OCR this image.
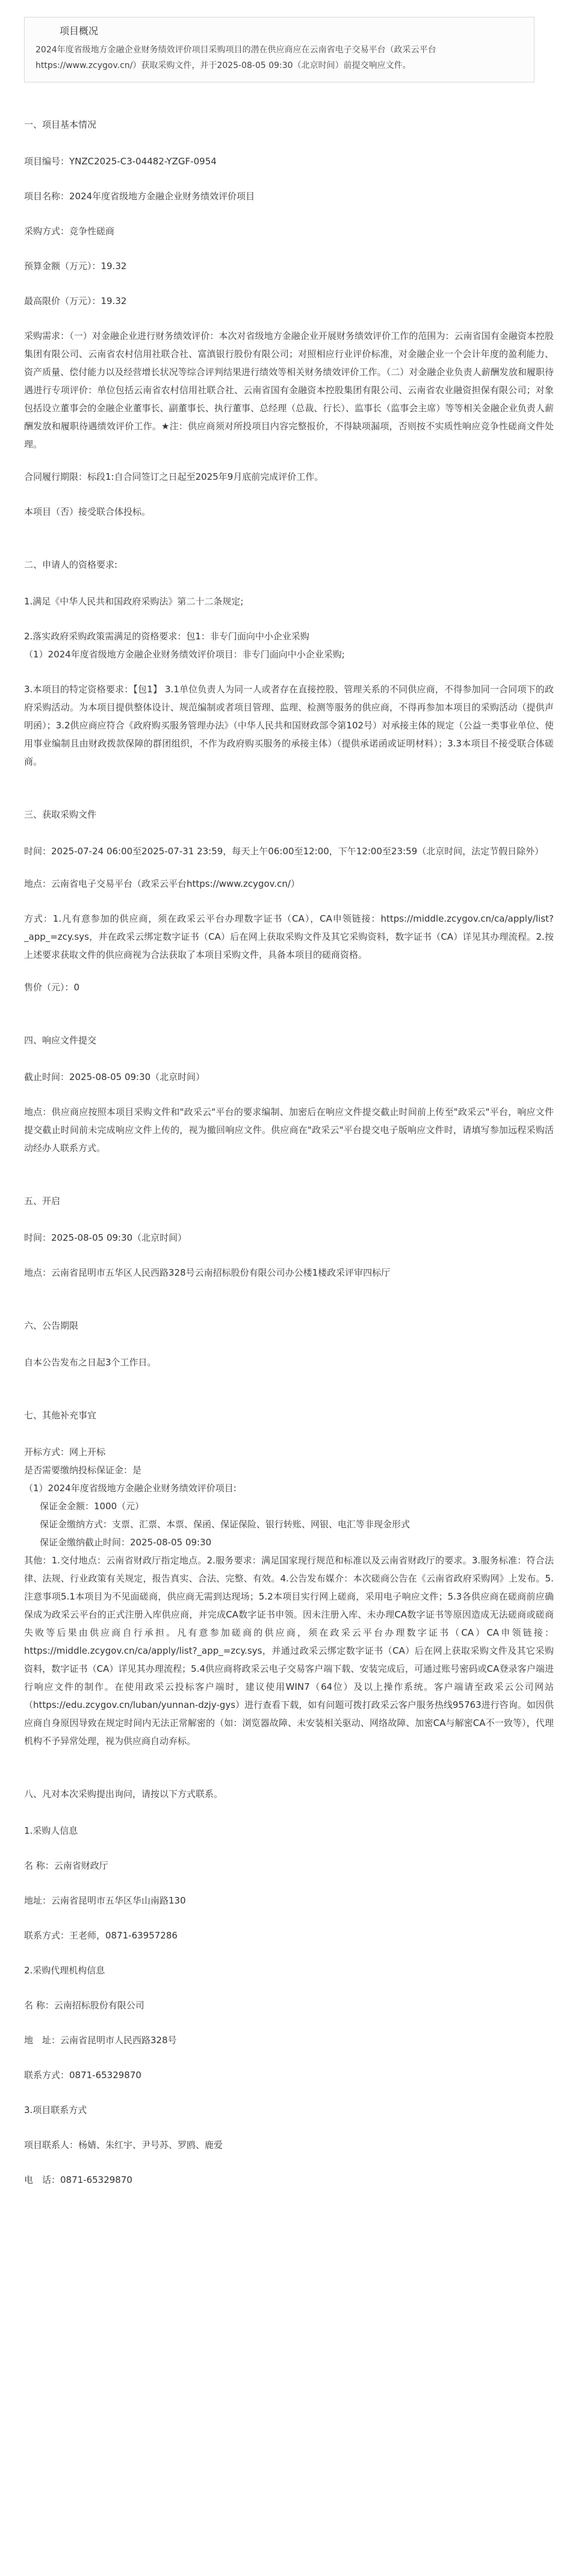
项目概况
2024年度省级地方金融企业财务绩效评价项目采购项目的潜在供应商应在云南省电子交易平台（政采云平台https://www.zcygov.cn/）获取采购文件，并于2025-08-05 09:30（北京时间）前提交响应文件。
一、项目基本情况
项目编号：YNZC2025-C3-04482-YZGF-0954
项目名称：2024年度省级地方金融企业财务绩效评价项目
采购方式：竞争性磋商
预算金额（万元）：19.32
最高限价（万元）：19.32
采购需求：（一）对金融企业进行财务绩效评价：本次对省级地方金融企业开展财务绩效评价工作的范围为：云南省国有金融资本控股集团有限公司、云南省农村信用社联合社、富滇银行股份有限公司；对照相应行业评价标准，对金融企业一个会计年度的盈利能力、资产质量、偿付能力以及经营增长状况等综合评判结果进行绩效等相关财务绩效评价工作。（二）对金融企业负责人薪酬发放和履职待遇进行专项评价：单位包括云南省农村信用社联合社、云南省国有金融资本控股集团有限公司、云南省农业融资担保有限公司；对象包括设立董事会的金融企业董事长、副董事长、执行董事、总经理（总裁、行长）、监事长（监事会主席）等等相关金融企业负责人薪酬发放和履职待遇绩效评价工作。★注：供应商须对所投项目内容完整报价，不得缺项漏项，否则按不实质性响应竞争性磋商文件处理。
合同履行期限：标段1:自合同签订之日起至2025年9月底前完成评价工作。
本项目（否）接受联合体投标。
二、申请人的资格要求:
1.满足《中华人民共和国政府采购法》第二十二条规定;
2.落实政府采购政策需满足的资格要求：包1：非专门面向中小企业采购
（1）2024年度省级地方金融企业财务绩效评价项目：非专门面向中小企业采购;
3.本项目的特定资格要求：【包1】 3.1单位负责人为同一人或者存在直接控股、管理关系的不同供应商，不得参加同一合同项下的政府采购活动。为本项目提供整体设计、规范编制或者项目管理、监理、检测等服务的供应商，不得再参加本项目的采购活动（提供声明函）；3.2供应商应符合《政府购买服务管理办法》（中华人民共和国财政部令第102号）对承接主体的规定（公益一类事业单位、使用事业编制且由财政拨款保障的群团组织，不作为政府购买服务的承接主体）（提供承诺函或证明材料）；3.3本项目不接受联合体磋商。
三、获取采购文件
时间：2025-07-24 06:00至2025-07-31 23:59，每天上午06:00至12:00，下午12:00至23:59（北京时间，法定节假日除外）
地点：云南省电子交易平台（政采云平台https://www.zcygov.cn/）
方式：1.凡有意参加的供应商，须在政采云平台办理数字证书（CA），CA申领链接：https://middle.zcygov.cn/ca/apply/list?_app_=zcy.sys，并在政采云绑定数字证书（CA）后在网上获取采购文件及其它采购资料，数字证书（CA）详见其办理流程。2.按上述要求获取文件的供应商视为合法获取了本项目采购文件，具备本项目的磋商资格。
售价（元）：0
四、响应文件提交
截止时间：2025-08-05 09:30（北京时间）
地点：供应商应按照本项目采购文件和"政采云"平台的要求编制、加密后在响应文件提交截止时间前上传至"政采云"平台，响应文件提交截止时间前未完成响应文件上传的，视为撤回响应文件。供应商在"政采云"平台提交电子版响应文件时，请填写参加远程采购活动经办人联系方式。
五、开启
时间：2025-08-05 09:30（北京时间）
地点：云南省昆明市五华区人民西路328号云南招标股份有限公司办公楼1楼政采评审四标厅
六、公告期限
自本公告发布之日起3个工作日。
七、其他补充事宜
开标方式：网上开标
是否需要缴纳投标保证金：是
（1）2024年度省级地方金融企业财务绩效评价项目:
保证金金额：1000（元）
保证金缴纳方式：支票、汇票、本票、保函、保证保险、银行转账、网银、电汇等非现金形式
保证金缴纳截止时间：2025-08-05 09:30
其他：1.交付地点：云南省财政厅指定地点。2.服务要求：满足国家现行规范和标准以及云南省财政厅的要求。3.服务标准：符合法律、法规、行业政策有关规定，报告真实、合法、完整、有效。4.公告发布媒介：本次磋商公告在《云南省政府采购网》上发布。5.注意事项5.1本项目为不见面磋商，供应商无需到达现场；5.2本项目实行网上磋商，采用电子响应文件；5.3各供应商在磋商前应确保成为政采云平台的正式注册入库供应商，并完成CA数字证书申领。因未注册入库、未办理CA数字证书等原因造成无法磋商或磋商失败等后果由供应商自行承担。凡有意参加磋商的供应商，须在政采云平台办理数字证书（CA）CA申领链接：https://middle.zcygov.cn/ca/apply/list?_app_=zcy.sys，并通过政采云绑定数字证书（CA）后在网上获取采购文件及其它采购资料，数字证书（CA）详见其办理流程；5.4供应商将政采云电子交易客户端下载、安装完成后，可通过账号密码或CA登录客户端进行响应文件的制作。在使用政采云投标客户端时，建议使用WIN7（64位）及以上操作系统。客户端请至政采云公司网站（https://edu.zcygov.cn/luban/yunnan-dzjy-gys）进行查看下载，如有问题可拨打政采云客户服务热线95763进行咨询。如因供应商自身原因导致在规定时间内无法正常解密的（如：浏览器故障、未安装相关驱动、网络故障、加密CA与解密CA不一致等），代理机构不予异常处理，视为供应商自动弃标。
八、凡对本次采购提出询问，请按以下方式联系。
1.采购人信息
名 称：云南省财政厅
地址：云南省昆明市五华区华山南路130
联系方式：王老师，0871-63957286
2.采购代理机构信息
名 称：云南招标股份有限公司
地　址：云南省昆明市人民西路328号
联系方式：0871-65329870
3.项目联系方式
项目联系人：杨婧、朱红宇、尹号苏、罗鸥、鹿爱
电　话：0871-65329870
